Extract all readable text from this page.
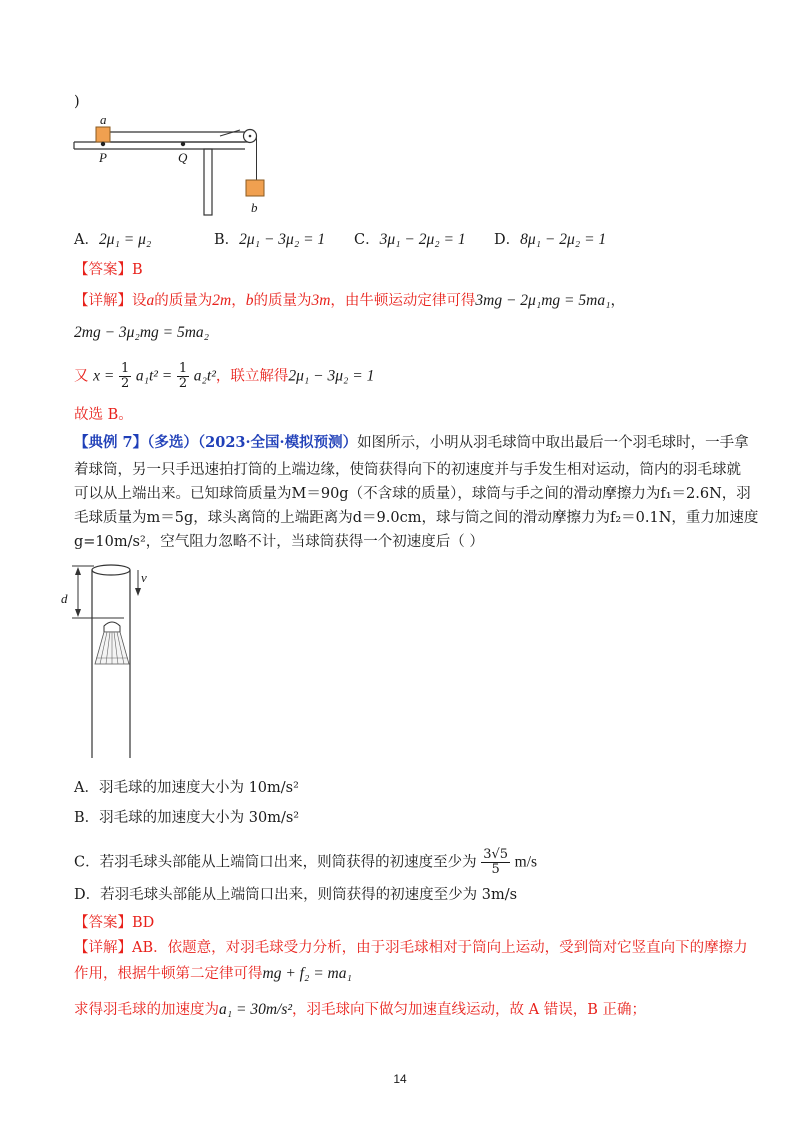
)
a
P	Q
b
A．2μ₁ = μ₂	B．2μ₁ − 3μ₂ = 1 C．3μ₁ − 2μ₂ = 1 D．8μ₁ − 2μ₂ = 1
【答案】B
【详解】设a的质量为2m，b的质量为3m，由牛顿运动定律可得3mg − 2μ₁mg = 5ma₁，
2mg − 3μ₂mg = 5ma₂
又 $x = \frac{1}{2} a_1t^2 = \frac{1}{2} a_2t^2$，联立解得2μ₁ − 3μ₂ = 1
故选 B。
【典例 7】（多选）（2023·全国·模拟预测）如图所示，小明从羽毛球筒中取出最后一个羽毛球时，一手拿
着球筒，另一只手迅速拍打筒的上端边缘，使筒获得向下的初速度并与手发生相对运动，筒内的羽毛球就
可以从上端出来。已知球筒质量为M＝90g（不含球的质量），球筒与手之间的滑动摩擦力为f₁＝2.6N，羽
毛球质量为m＝5g，球头离筒的上端距离为d＝9.0cm，球与筒之间的滑动摩擦力为f₂＝0.1N，重力加速度
g=10m/s²，空气阻力忽略不计，当球筒获得一个初速度后（ ）
d
v
A．羽毛球的加速度大小为 10m/s²
B．羽毛球的加速度大小为 30m/s²
C．若羽毛球头部能从上端筒口出来，则筒获得的初速度至少为 $\frac{3√5}{5} m/s$
D．若羽毛球头部能从上端筒口出来，则筒获得的初速度至少为 3m/s
【答案】BD
【详解】AB．依题意，对羽毛球受力分析，由于羽毛球相对于筒向上运动，受到筒对它竖直向下的摩擦力
作用，根据牛顿第二定律可得mg + f₂ = ma₁
求得羽毛球的加速度为a₁ = 30m/s²，羽毛球向下做匀加速直线运动，故 A 错误，B 正确；
14
